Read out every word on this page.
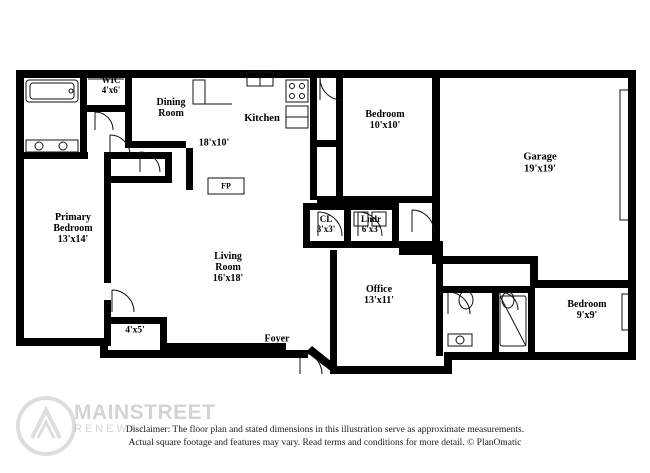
WIC
4'x6'
Dining
Room	Kitchen
18'x10'
Bedroom
10'x10'
Garage
19'x19'
Primary
Bedroom
13'x14'
CL
3'x3'
Lndr
6'x3'
Living
Room
16'x18'
Office
13'x11'	Bedroom
9'x9'
4'x5'
Foyer
FP
Disclaimer: The floor plan and stated dimensions in this illustration serve as approximate measurements.
Actual square footage and features may vary. Read terms and conditions for more detail. © PlanOmatic
